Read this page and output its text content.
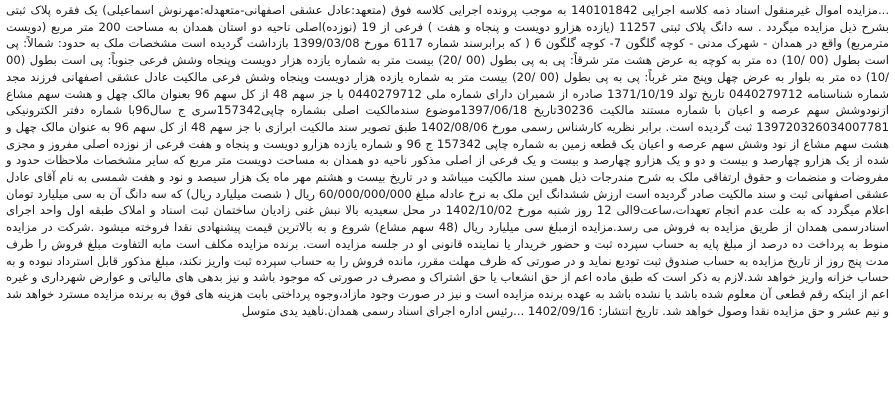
...مزایده اموال غیرمنقول اسناد ذمه کلاسه اجرایی 140101842 به موجب پرونده اجرایی کلاسه فوق (متعهد:عادل عشقی اصفهانی-متعهدله:مهرنوش اسماعیلی) یک فقره پلاک ثبتی بشرح ذیل مزایده میگردد . سه دانگ پلاک ثبتی 11257 (یازده هزارو دویست و پنجاه و هفت ) فرعی از 19 (نوزده)اصلی ناحیه دو استان همدان به مساحت 200 متر مربع (دویست مترمربع) واقع در همدان - شهرک مدنی - کوچه گلگون 7- کوچه گلگون 6 ( که برابرسند شماره 6117 مورخ 1399/03/08 بازداشت گردیده است مشخصات ملک به حدود: شمالاً: پی است بطول (00 /10) ده متر به کوچه به عرض هشت متر شرقاً: پی به پی بطول (00 /20) بیست متر به شماره یازده هزار دویست وپنجاه وشش فرعی جنوباً: پی است بطول (00 /10) ده متر به بلوار به عرض چهل وپنج متر غرباً: پی به پی بطول (00 /20) بیست متر به شماره یازده هزار دویست وپنجاه وشش فرعی مالکیت عادل عشقی اصفهانی فرزند مجد شماره شناسنامه 0440279712 تاریخ تولد 1371/10/19 صادره از شمیران دارای شماره ملی 0440279712 با جز سهم 48 از کل سهم 96 بعنوان مالک چهل و هشت سهم مشاع ازنودوشش سهم عرصه و اعیان با شماره مستند مالکیت 30236تاریخ 1397/06/18موضوع سندمالکیت اصلی بشماره چاپی157342سری ج سال96با شماره دفتر الکترونیکی 139720326034007781 ثبت گردیده است. برابر نظریه کارشناس رسمی مورخ 1402/08/06 طبق تصویر سند مالکیت ابرازی با جز سهم 48 از کل سهم 96 به عنوان مالک چهل و هشت سهم مشاع از نود وشش سهم عرصه و اعیان یک قطعه زمین به شماره چاپی 157342 ج 96 و شماره یازده هزارو دویست و پنجاه و هفت فرعی از نوزده اصلی مفروز و مجزی شده از یک هزارو چهارصد و بیست و دو و یک هزارو چهارصد و بیست و یک فرعی از اصلی مذکور ناحیه دو همدان به مساحت دویست متر مربع که سایر مشخصات ملاحظات حدود و مفروضات و منضمات و حقوق ارتفاقی ملک به شرح مندرجات ذیل همین سند مالکیت میباشد و در تاریخ بیست و هشتم مهر ماه یک هزار سیصد و نود و هفت شمسی به نام آقای عادل عشقی اصفهانی ثبت و سند مالکیت صادر گردیده است ارزش ششدانگ این ملک به نرخ عادله مبلغ 60/000/000/000 ریال ( شصت میلیارد ریال) که سه دانگ آن به سی میلیارد تومان اعلام میگردد که به علت عدم انجام تعهدات،ساعت9الی 12 روز شنبه مورخ 1402/10/02 در محل سعیدیه بالا نبش غنی زادیان ساختمان ثبت اسناد و املاک طبقه اول واحد اجرای اسنادرسمی همدان از طریق مزایده به فروش می رسد.مزایده ازمبلغ سی میلیارد ریال (48 سهم مشاع) شروع و به بالاترین قیمت پیشنهادی نقدا فروخته میشود .شرکت در مزایده منوط به پرداخت ده درصد از مبلغ پایه به حساب سپرده ثبت و حضور خریدار یا نماینده قانونی او در جلسه مزایده است. برنده مزایده مکلف است مابه التفاوت مبلغ فروش را ظرف مدت پنج روز از تاریخ مزایده به حساب صندوق ثبت تودیع نماید و در صورتی که ظرف مهلت مقرر، مانده فروش را به حساب سپرده ثبت واریز نکند، مبلغ مذکور قابل استرداد نبوده و به حساب خزانه واریز خواهد شد.لازم به ذکر است که طبق ماده اعم از حق انشعاب یا حق اشتراک و مصرف در صورتی که موجود باشد و نیز بدهی های مالیاتی و عوارض شهرداری و غیره اعم از اینکه رقم قطعی آن معلوم شده باشد یا نشده باشد به عهده برنده مزایده است و نیز در صورت وجود مازاد،وجوه پرداختی بابت هزینه های فوق به برنده مزایده مسترد خواهد شد و نیم عشر و حق مزایده نقدا وصول خواهد شد. تاریخ انتشار: 1402/09/16 ...رئیس اداره اجرای اسناد رسمی همدان.ناهید یدی متوسل
